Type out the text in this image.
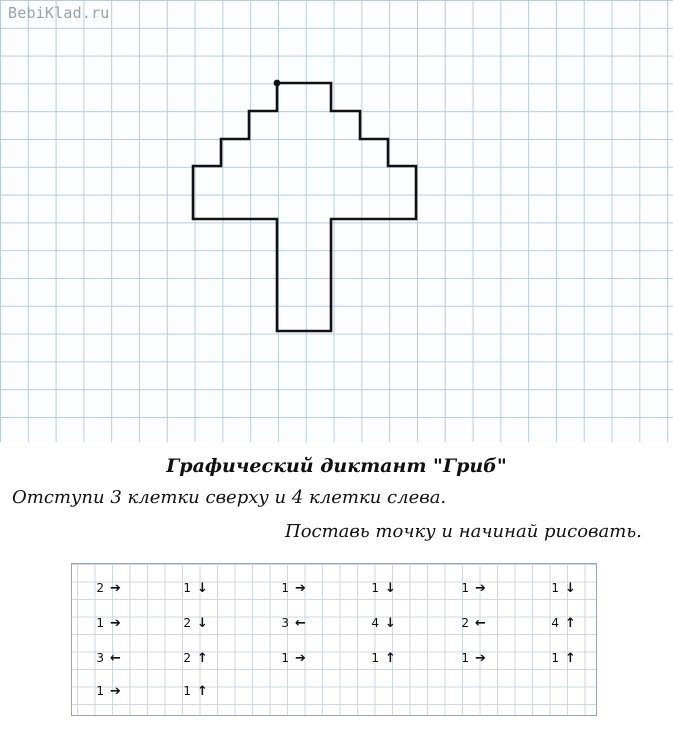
BebiKlad.ru
Графический диктант "Гриб"
Отступи 3 клетки сверху и 4 клетки слева.
Поставь точку и начинай рисовать.
2 ➔	1 ↓	1 ➔	1 ↓	1 ➔	1 ↓
1 ➔	2 ↓	3 ←	4 ↓	2 ←	4 ↑
3 ←	2 ↑	1 ➔	1 ↑	1 ➔	1 ↑
1 ➔	1 ↑
